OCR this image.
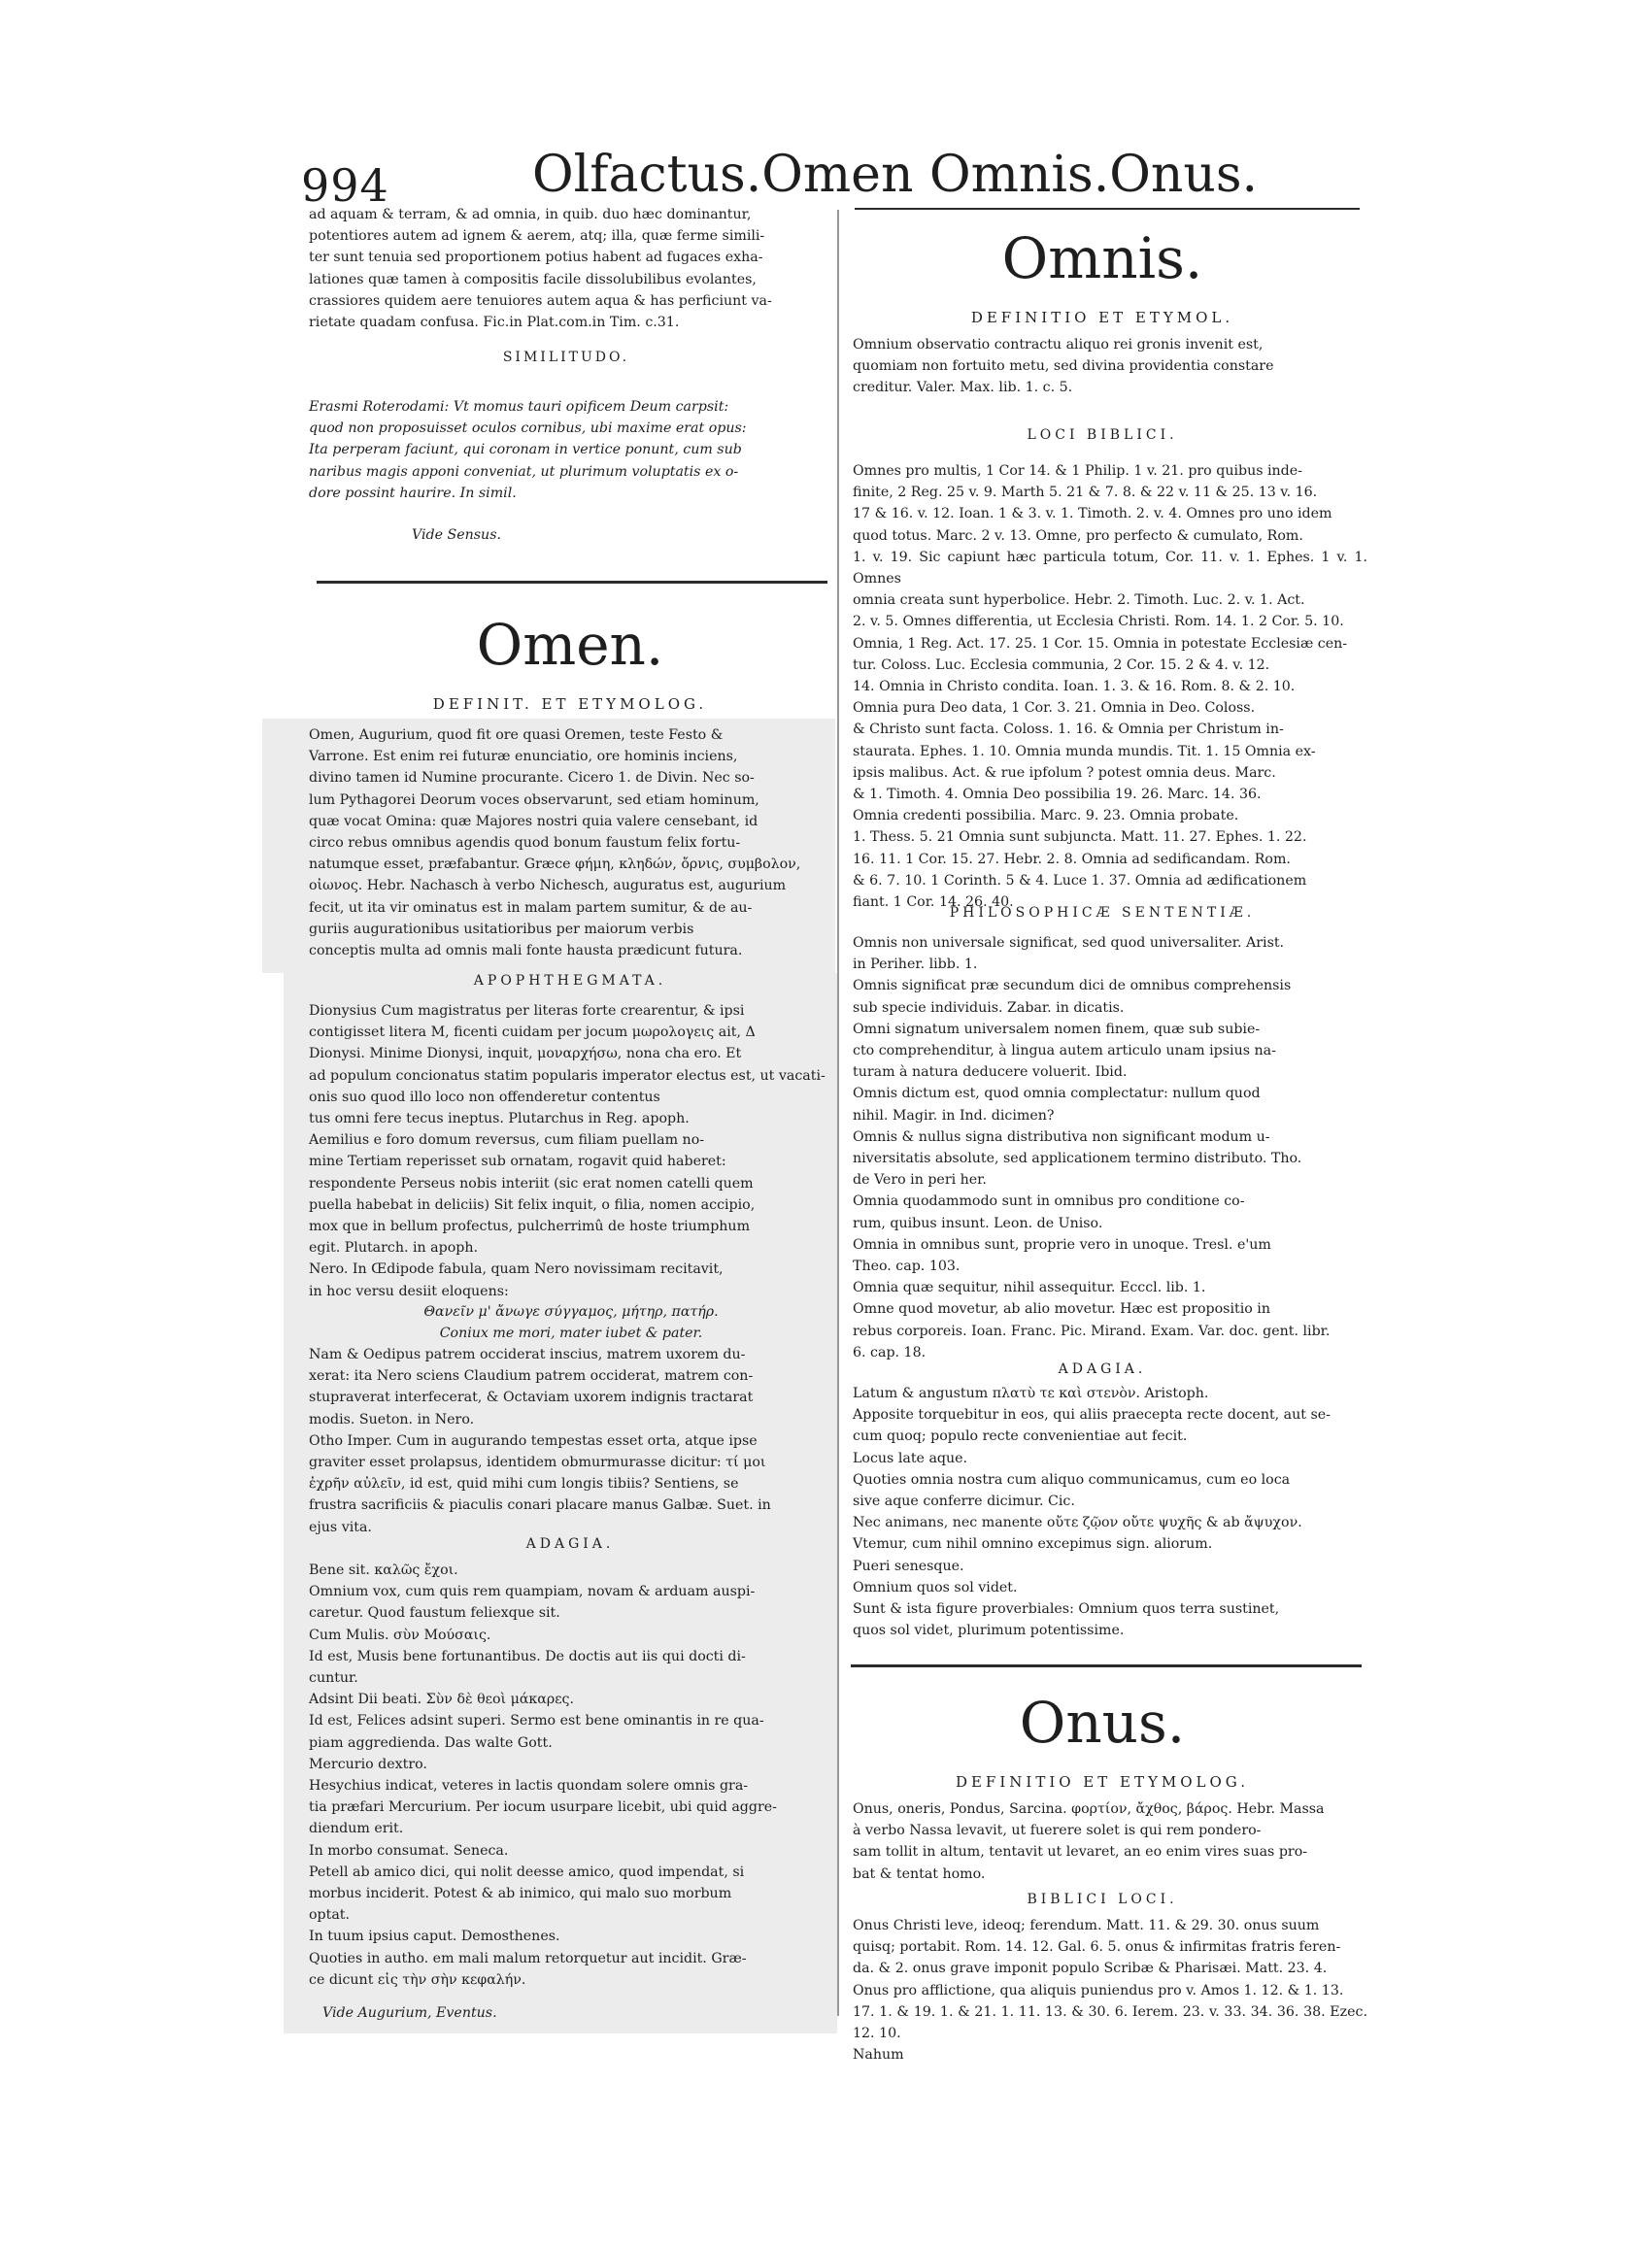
994	Olfactus.Omen Omnis.Onus.
ad aquam & terram, & ad omnia, in quib. duo hæc dominantur,
potentiores autem ad ignem & aerem, atq; illa, quæ ferme simili-
ter sunt tenuia sed proportionem potius habent ad fugaces exha-
lationes quæ tamen à compositis facile dissolubilibus evolantes,
crassiores quidem aere tenuiores autem aqua & has perficiunt va-
rietate quadam confusa. Fic.in Plat.com.in Tim. c.31.
SIMILITUDO.
Erasmi Roterodami: Vt momus tauri opificem Deum carpsit:
quod non proposuisset oculos cornibus, ubi maxime erat opus:
Ita perperam faciunt, qui coronam in vertice ponunt, cum sub
naribus magis apponi conveniat, ut plurimum voluptatis ex o-
dore possint haurire. In simil.
Vide Sensus.
Omen.
DEFINIT. ET ETYMOLOG.
Omen, Augurium, quod fit ore quasi Oremen, teste Festo &
Varrone. Est enim rei futuræ enunciatio, ore hominis inciens,
divino tamen id Numine procurante. Cicero 1. de Divin. Nec so-
lum Pythagorei Deorum voces observarunt, sed etiam hominum,
quæ vocat Omina: quæ Majores nostri quia valere censebant, id
circo rebus omnibus agendis quod bonum faustum felix fortu-
natumque esset, præfabantur. Græce φήμη, κληδών, ὄρνις, συμβολον,
οἰωνος. Hebr. Nachasch à verbo Nichesch, auguratus est, augurium
fecit, ut ita vir ominatus est in malam partem sumitur, & de au-
guriis augurationibus usitatioribus per maiorum verbis
conceptis multa ad omnis mali fonte hausta prædicunt futura.
APOPHTHEGMATA.
Dionysius Cum magistratus per literas forte crearentur, & ipsi
contigisset litera M, ficenti cuidam per jocum μωρολογεις ait, Δ
Dionysi. Minime Dionysi, inquit, μοναρχήσω, nona cha ero. Et
ad populum concionatus statim popularis imperator electus est, ut vacati-
onis suo quod illo loco non offenderetur contentus
tus omni fere tecus ineptus. Plutarchus in Reg. apoph.
Aemilius e foro domum reversus, cum filiam puellam no-
mine Tertiam reperisset sub ornatam, rogavit quid haberet:
respondente Perseus nobis interiit (sic erat nomen catelli quem
puella habebat in deliciis) Sit felix inquit, o filia, nomen accipio,
mox que in bellum profectus, pulcherrimû de hoste triumphum
egit. Plutarch. in apoph.
Nero. In Œdipode fabula, quam Nero novissimam recitavit,
in hoc versu desiit eloquens:
Θανεῖν μ' ἄνωγε σύγγαμος, μήτηρ, πατήρ.
Coniux me mori, mater iubet & pater.
Nam & Oedipus patrem occiderat inscius, matrem uxorem du-
xerat: ita Nero sciens Claudium patrem occiderat, matrem con-
stupraverat interfecerat, & Octaviam uxorem indignis tractarat
modis. Sueton. in Nero.
Otho Imper. Cum in augurando tempestas esset orta, atque ipse
graviter esset prolapsus, identidem obmurmurasse dicitur: τί μοι
ἐχρῆν αὐλεῖν, id est, quid mihi cum longis tibiis? Sentiens, se
frustra sacrificiis & piaculis conari placare manus Galbæ. Suet. in
ejus vita.
ADAGIA.
Bene sit. καλῶς ἔχοι.
Omnium vox, cum quis rem quampiam, novam & arduam auspi-
caretur. Quod faustum feliexque sit.
Cum Mulis. σὺν Μούσαις.
Id est, Musis bene fortunantibus. De doctis aut iis qui docti di-
cuntur.
Adsint Dii beati. Σὺν δὲ θεοὶ μάκαρες.
Id est, Felices adsint superi. Sermo est bene ominantis in re qua-
piam aggredienda. Das walte Gott.
Mercurio dextro.
Hesychius indicat, veteres in lactis quondam solere omnis gra-
tia præfari Mercurium. Per iocum usurpare licebit, ubi quid aggre-
diendum erit.
In morbo consumat. Seneca.
Petell ab amico dici, qui nolit deesse amico, quod impendat, si
morbus inciderit. Potest & ab inimico, qui malo suo morbum
optat.
In tuum ipsius caput. Demosthenes.
Quoties in autho. em mali malum retorquetur aut incidit. Græ-
ce dicunt εἰς τὴν σὴν κεφαλήν.
Vide Augurium, Eventus.
Omnis.
DEFINITIO ET ETYMOL.
Omnium observatio contractu aliquo rei gronis invenit est,
quomiam non fortuito metu, sed divina providentia constare
creditur. Valer. Max. lib. 1. c. 5.
LOCI BIBLICI.
Omnes pro multis, 1 Cor 14. & 1 Philip. 1 v. 21. pro quibus inde-
finite, 2 Reg. 25 v. 9. Marth 5. 21 & 7. 8. & 22 v. 11 & 25. 13 v. 16.
17 & 16. v. 12. Ioan. 1 & 3. v. 1. Timoth. 2. v. 4. Omnes pro uno idem
quod totus. Marc. 2 v. 13. Omne, pro perfecto & cumulato, Rom.
1. v. 19. Sic capiunt hæc particula totum, Cor. 11. v. 1. Ephes. 1 v. 1. Omnes
omnia creata sunt hyperbolice. Hebr. 2. Timoth. Luc. 2. v. 1. Act.
2. v. 5. Omnes differentia, ut Ecclesia Christi. Rom. 14. 1. 2 Cor. 5. 10.
Omnia, 1 Reg. Act. 17. 25. 1 Cor. 15. Omnia in potestate Ecclesiæ cen-
tur. Coloss. Luc. Ecclesia communia, 2 Cor. 15. 2 & 4. v. 12.
14. Omnia in Christo condita. Ioan. 1. 3. & 16. Rom. 8. & 2. 10.
Omnia pura Deo data, 1 Cor. 3. 21. Omnia in Deo. Coloss.
& Christo sunt facta. Coloss. 1. 16. & Omnia per Christum in-
staurata. Ephes. 1. 10. Omnia munda mundis. Tit. 1. 15 Omnia ex-
ipsis malibus. Act. & rue ipfolum ? potest omnia deus. Marc.
& 1. Timoth. 4. Omnia Deo possibilia 19. 26. Marc. 14. 36.
Omnia credenti possibilia. Marc. 9. 23. Omnia probate.
1. Thess. 5. 21 Omnia sunt subjuncta. Matt. 11. 27. Ephes. 1. 22.
16. 11. 1 Cor. 15. 27. Hebr. 2. 8. Omnia ad sedificandam. Rom.
& 6. 7. 10. 1 Corinth. 5 & 4. Luce 1. 37. Omnia ad ædificationem
fiant. 1 Cor. 14. 26. 40.
PHILOSOPHICÆ SENTENTIÆ.
Omnis non universale significat, sed quod universaliter. Arist.
in Periher. libb. 1.
Omnis significat præ secundum dici de omnibus comprehensis
sub specie individuis. Zabar. in dicatis.
Omni signatum universalem nomen finem, quæ sub subie-
cto comprehenditur, à lingua autem articulo unam ipsius na-
turam à natura deducere voluerit. Ibid.
Omnis dictum est, quod omnia complectatur: nullum quod
nihil. Magir. in Ind. dicimen?
Omnis & nullus signa distributiva non significant modum u-
niversitatis absolute, sed applicationem termino distributo. Tho.
de Vero in peri her.
Omnia quodammodo sunt in omnibus pro conditione co-
rum, quibus insunt. Leon. de Uniso.
Omnia in omnibus sunt, proprie vero in unoque. Tresl. e'um
Theo. cap. 103.
Omnia quæ sequitur, nihil assequitur. Ecccl. lib. 1.
Omne quod movetur, ab alio movetur. Hæc est propositio in
rebus corporeis. Ioan. Franc. Pic. Mirand. Exam. Var. doc. gent. libr.
6. cap. 18.
ADAGIA.
Latum & angustum πλατὺ τε καὶ στενὸν. Aristoph.
Apposite torquebitur in eos, qui aliis praecepta recte docent, aut se-
cum quoq; populo recte convenientiae aut fecit.
Locus late aque.
Quoties omnia nostra cum aliquo communicamus, cum eo loca
sive aque conferre dicimur. Cic.
Nec animans, nec manente οὔτε ζῷον οὔτε ψυχῆς & ab ἄψυχον.
Vtemur, cum nihil omnino excepimus sign. aliorum.
Pueri senesque.
Omnium quos sol videt.
Sunt & ista figure proverbiales: Omnium quos terra sustinet,
quos sol videt, plurimum potentissime.
Onus.
DEFINITIO ET ETYMOLOG.
Onus, oneris, Pondus, Sarcina. φορτίον, ἄχθος, βάρος. Hebr. Massa
à verbo Nassa levavit, ut fuerere solet is qui rem pondero-
sam tollit in altum, tentavit ut levaret, an eo enim vires suas pro-
bat & tentat homo.
BIBLICI LOCI.
Onus Christi leve, ideoq; ferendum. Matt. 11. & 29. 30. onus suum
quisq; portabit. Rom. 14. 12. Gal. 6. 5. onus & infirmitas fratris feren-
da. & 2. onus grave imponit populo Scribæ & Pharisæi. Matt. 23. 4.
Onus pro afflictione, qua aliquis puniendus pro v. Amos 1. 12. & 1. 13.
17. 1. & 19. 1. & 21. 1. 11. 13. & 30. 6. Ierem. 23. v. 33. 34. 36. 38. Ezec. 12. 10.
Nahum
